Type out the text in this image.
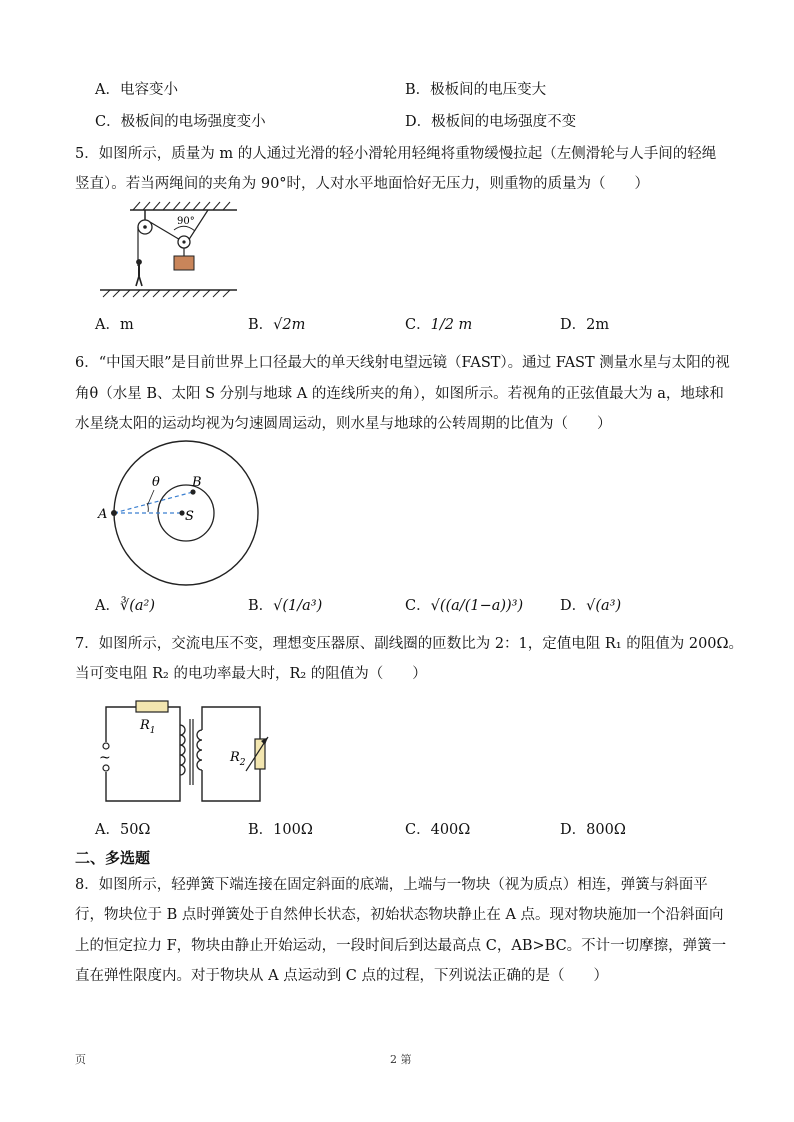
A．电容变小	B．极板间的电压变大
C．极板间的电场强度变小	D．极板间的电场强度不变
5．如图所示，质量为 m 的人通过光滑的轻小滑轮用轻绳将重物缓慢拉起（左侧滑轮与人手间的轻绳
竖直）。若当两绳间的夹角为 90°时，人对水平地面恰好无压力，则重物的质量为（　　）
90°
A．m	B．√2m	C．1/2 m	D．2m
6．“中国天眼”是目前世界上口径最大的单天线射电望远镜（FAST）。通过 FAST 测量水星与太阳的视
角θ（水星 B、太阳 S 分别与地球 A 的连线所夹的角），如图所示。若视角的正弦值最大为 a，地球和
水星绕太阳的运动均视为匀速圆周运动，则水星与地球的公转周期的比值为（　　）
A
B
S
θ
A．∛(a²)	B．√(1/a³)	C．√((a/(1−a))³)	D．√(a³)
7．如图所示，交流电压不变，理想变压器原、副线圈的匝数比为 2：1，定值电阻 R₁ 的阻值为 200Ω。
当可变电阻 R₂ 的电功率最大时，R₂ 的阻值为（　　）
~
$R_1$
$R_2$
A．50Ω	B．100Ω	C．400Ω	D．800Ω
二、多选题
8．如图所示，轻弹簧下端连接在固定斜面的底端，上端与一物块（视为质点）相连，弹簧与斜面平
行，物块位于 B 点时弹簧处于自然伸长状态，初始状态物块静止在 A 点。现对物块施加一个沿斜面向
上的恒定拉力 F，物块由静止开始运动，一段时间后到达最高点 C，AB>BC。不计一切摩擦，弹簧一
直在弹性限度内。对于物块从 A 点运动到 C 点的过程，下列说法正确的是（　　）
页	2 第
